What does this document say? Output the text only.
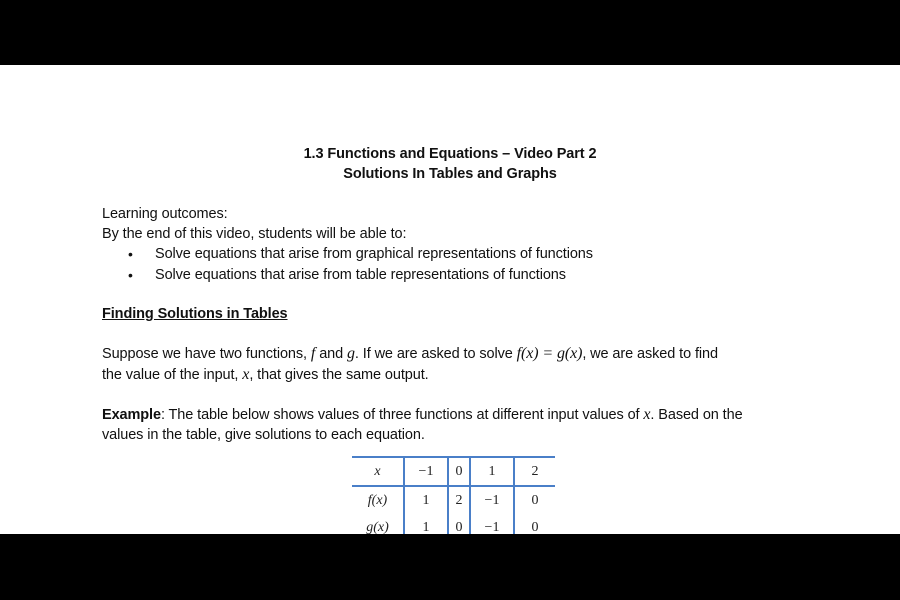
1.3 Functions and Equations – Video Part 2
Solutions In Tables and Graphs
Learning outcomes:
By the end of this video, students will be able to:
• Solve equations that arise from graphical representations of functions
• Solve equations that arise from table representations of functions
Finding Solutions in Tables
Suppose we have two functions, f and g. If we are asked to solve f(x) = g(x), we are asked to find
the value of the input, x, that gives the same output.
Example: The table below shows values of three functions at different input values of x. Based on the
values in the table, give solutions to each equation.
x	−1	0	1	2
f(x)	1	2	−1	0
g(x)	1	0	−1	0
